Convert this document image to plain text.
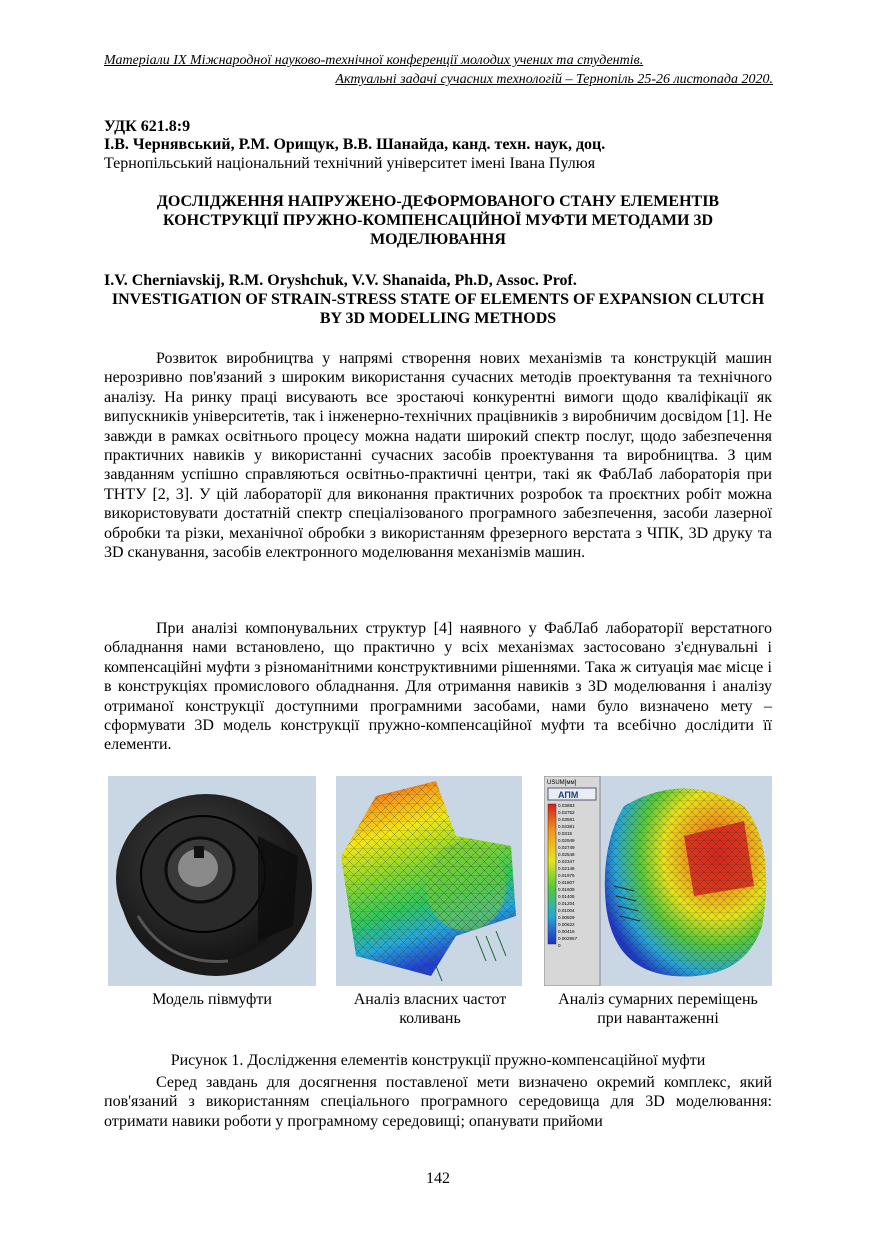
Матеріали IX Міжнародної науково-технічної конференції молодих учених та студентів.
Актуальні задачі сучасних технологій – Тернопіль 25-26 листопада 2020.
УДК 621.8:9
І.В. Чернявський, Р.М. Орищук, В.В. Шанайда, канд. техн. наук, доц.
Тернопільський національний технічний університет імені Івана Пулюя
ДОСЛІДЖЕННЯ НАПРУЖЕНО-ДЕФОРМОВАНОГО СТАНУ ЕЛЕМЕНТІВ КОНСТРУКЦІЇ ПРУЖНО-КОМПЕНСАЦІЙНОЇ МУФТИ МЕТОДАМИ 3D МОДЕЛЮВАННЯ
I.V. Cherniavskij, R.M. Oryshchuk, V.V. Shanaida, Ph.D, Assoc. Prof.
INVESTIGATION OF STRAIN-STRESS STATE OF ELEMENTS OF EXPANSION CLUTCH BY 3D MODELLING METHODS

Розвиток виробництва у напрямі створення нових механізмів та конструкцій машин нерозривно пов'язаний з широким використання сучасних методів проектування та технічного аналізу. На ринку праці висувають все зростаючі конкурентні вимоги щодо кваліфікації як випускників університетів, так і інженерно-технічних працівників з виробничим досвідом [1]. Не завжди в рамках освітнього процесу можна надати широкий спектр послуг, щодо забезпечення практичних навиків у використанні сучасних засобів проектування та виробництва. З цим завданням успішно справляються освітньо-практичні центри, такі як ФабЛаб лабораторія при ТНТУ [2, 3]. У цій лабораторії для виконання практичних розробок та проєктних робіт можна використовувати достатній спектр спеціалізованого програмного забезпечення, засоби лазерної обробки та різки, механічної обробки з використанням фрезерного верстата з ЧПК, 3D друку та 3D сканування, засобів електронного моделювання механізмів машин.

При аналізі компонувальних структур [4] наявного у ФабЛаб лабораторії верстатного обладнання нами встановлено, що практично у всіх механізмах застосовано з'єднувальні і компенсаційні муфти з різноманітними конструктивними рішеннями. Така ж ситуація має місце і в конструкціях промислового обладнання. Для отримання навиків з 3D моделювання і аналізу отриманої конструкції доступними програмними засобами, нами було визначено мету – сформувати 3D модель конструкції пружно-компенсаційної муфти та всебічно дослідити її елементи.

USUM[мм]
АПМ
0.03883
0.03752
0.03581
0.03381
0.0315
0.02949
0.02749
0.02548
0.02347
0.02148
0.01976
0.01807
0.01608
0.01405
0.01204
0.01004
0.00829
0.00622
0.00415
0.002957
0
Модель півмуфти	Аналіз власних частот коливань
Аналіз сумарних переміщень при навантаженні
Рисунок 1. Дослідження елементів конструкції пружно-компенсаційної муфти

Серед завдань для досягнення поставленої мети визначено окремий комплекс, який пов'язаний з використанням спеціального програмного середовища для 3D моделювання: отримати навики роботи у програмному середовищі; опанувати прийоми

142
